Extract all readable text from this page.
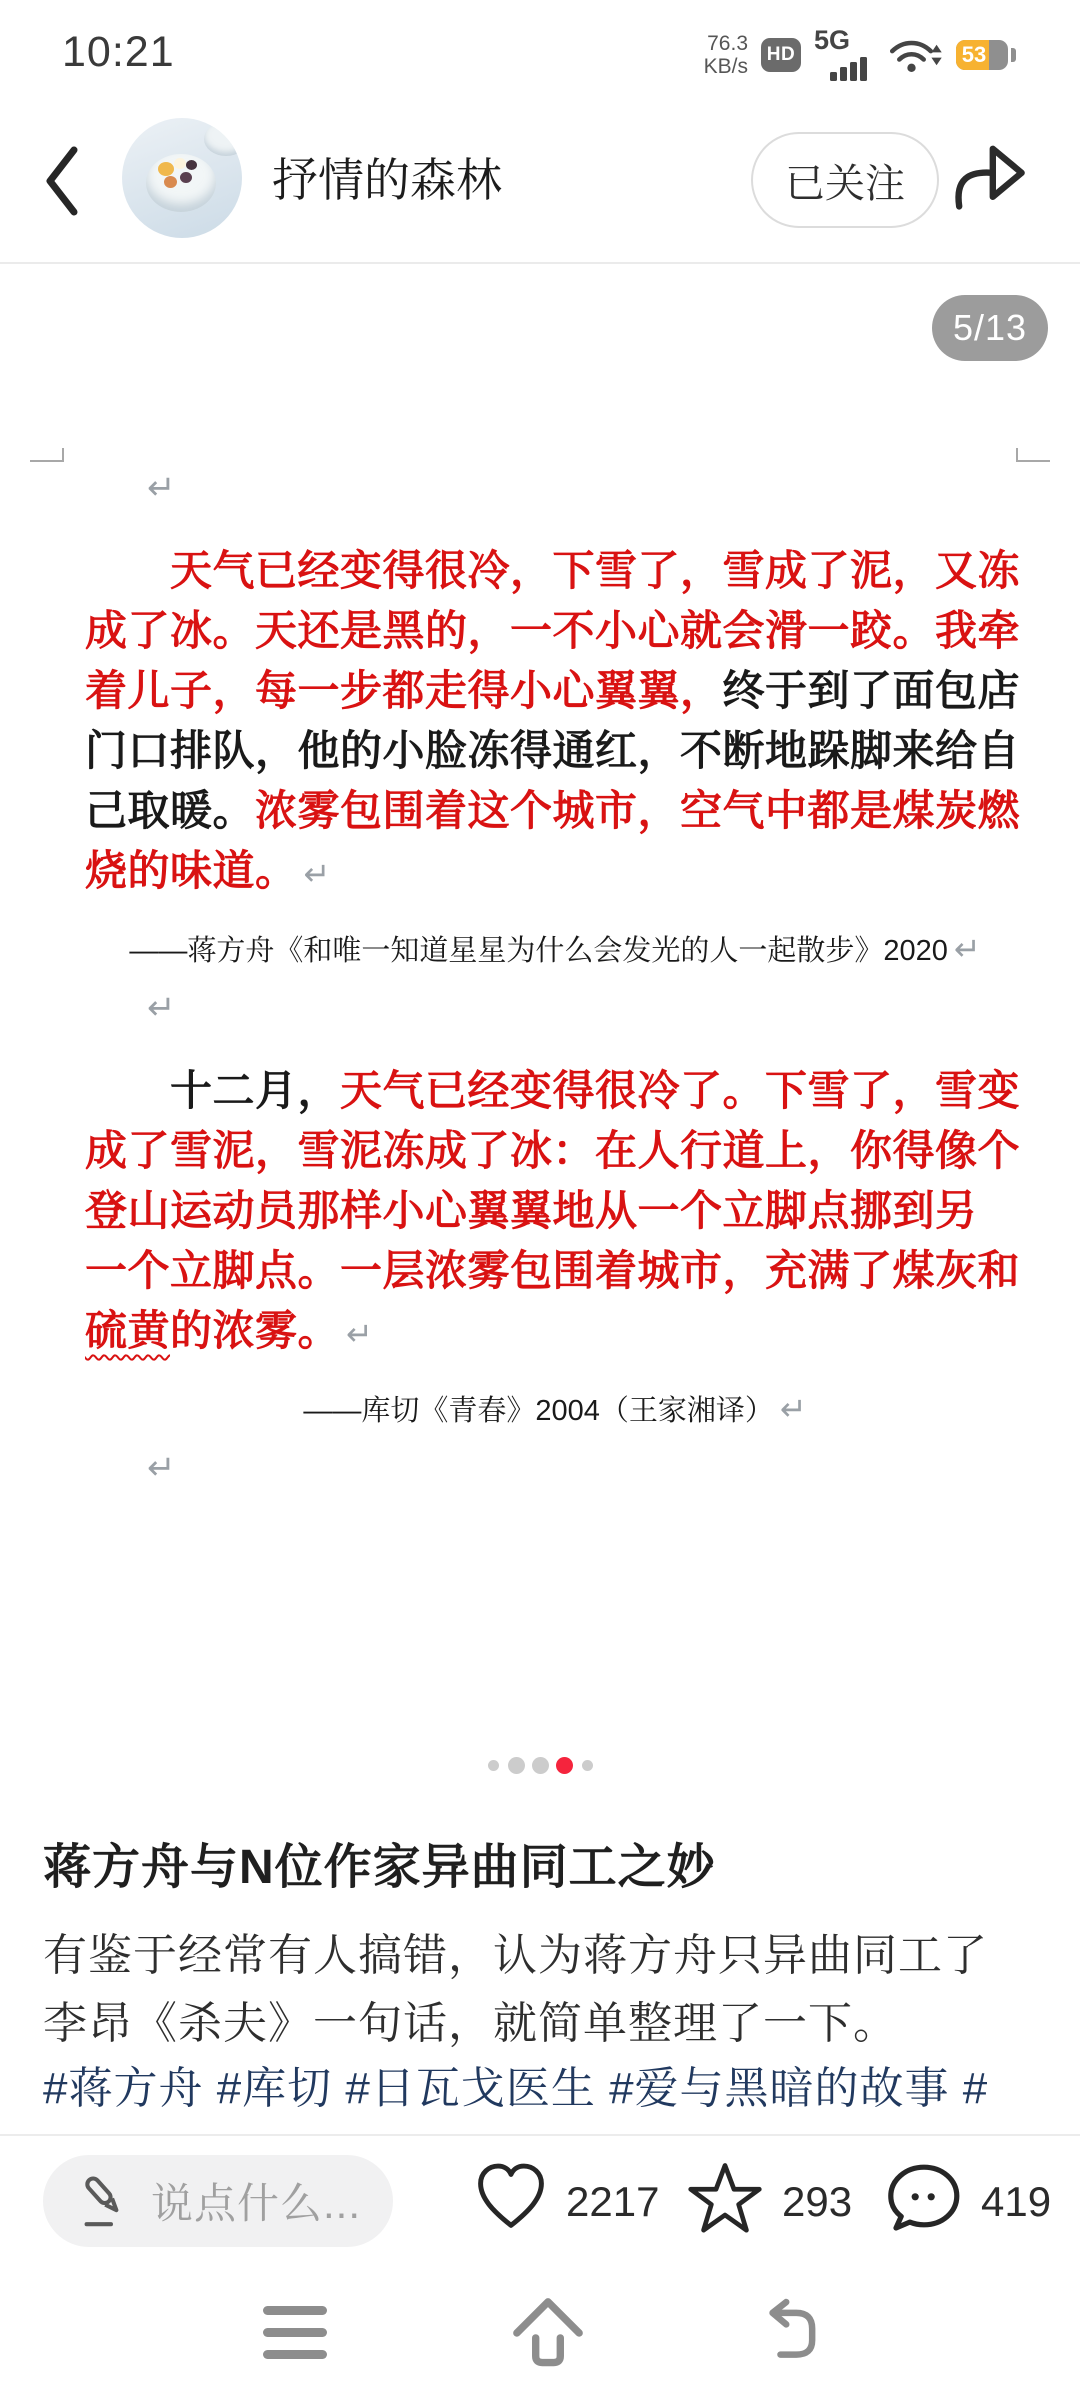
10:21	76.3
KB/s
HD 5G	53
抒情的森林	已关注
5/13
↵
　　天气已经变得很冷，下雪了，雪成了泥，又冻
成了冰。天还是黑的，一不小心就会滑一跤。我牵
着儿子，每一步都走得小心翼翼，终于到了面包店
门口排队，他的小脸冻得通红，不断地跺脚来给自
己取暖。浓雾包围着这个城市，空气中都是煤炭燃
烧的味道。 ↵
——蒋方舟《和唯一知道星星为什么会发光的人一起散步》2020 ↵
↵
　　十二月，天气已经变得很冷了。下雪了，雪变
成了雪泥，雪泥冻成了冰：在人行道上，你得像个
登山运动员那样小心翼翼地从一个立脚点挪到另
一个立脚点。一层浓雾包围着城市，充满了煤灰和
硫黄的浓雾。 ↵
——库切《青春》2004（王家湘译） ↵
↵
蒋方舟与N位作家异曲同工之妙
有鉴于经常有人搞错，认为蒋方舟只异曲同工了
李昂《杀夫》一句话，就简单整理了一下。
#蒋方舟 #库切 #日瓦戈医生 #爱与黑暗的故事 #
说点什么...	2217	293	419
